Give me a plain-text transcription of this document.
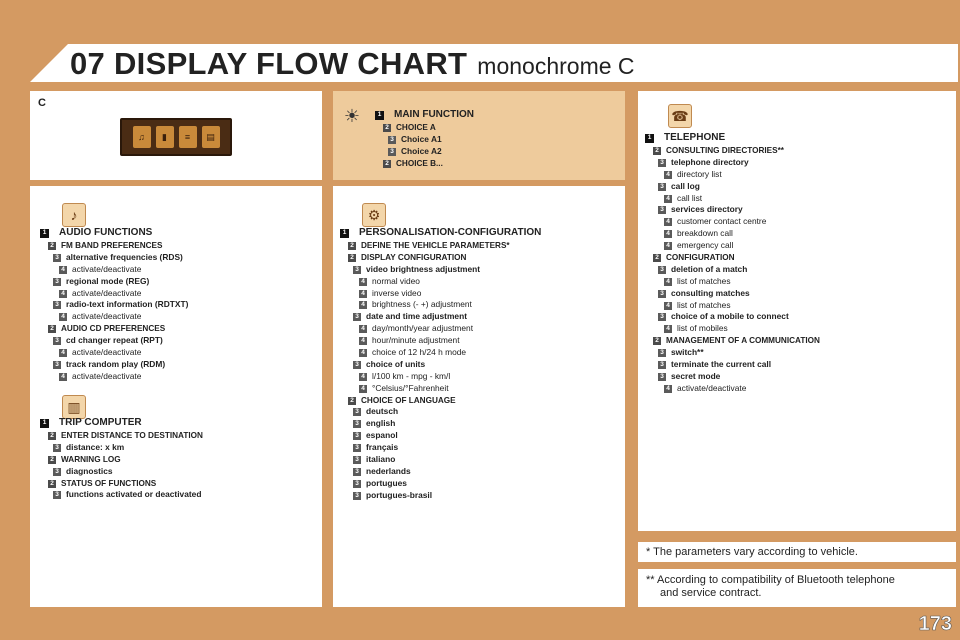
07 DISPLAY FLOW CHART monochrome C
C
♫	▮	≡	▤
☀	1 MAIN FUNCTION
2 CHOICE A
3 Choice A1
3 Choice A2
2 CHOICE B...
♪
1 AUDIO FUNCTIONS
2 FM BAND PREFERENCES
3 alternative frequencies (RDS)
4 activate/deactivate
3 regional mode (REG)
4 activate/deactivate
3 radio-text information (RDTXT)
4 activate/deactivate
2 AUDIO CD PREFERENCES
3 cd changer repeat (RPT)
4 activate/deactivate
3 track random play (RDM)
4 activate/deactivate
▥
1 TRIP COMPUTER
2 ENTER DISTANCE TO DESTINATION
3 distance: x km
2 WARNING LOG
3 diagnostics
2 STATUS OF FUNCTIONS
3 functions activated or deactivated
⚙
1 PERSONALISATION-CONFIGURATION
2 DEFINE THE VEHICLE PARAMETERS*
2 DISPLAY CONFIGURATION
3 video brightness adjustment
4 normal video
4 inverse video
4 brightness (- +) adjustment
3 date and time adjustment
4 day/month/year adjustment
4 hour/minute adjustment
4 choice of 12 h/24 h mode
3 choice of units
4 l/100 km - mpg - km/l
4 °Celsius/°Fahrenheit
2 CHOICE OF LANGUAGE
3 deutsch
3 english
3 espanol
3 français
3 italiano
3 nederlands
3 portugues
3 portugues-brasil
☎
1 TELEPHONE
2 CONSULTING DIRECTORIES**
3 telephone directory
4 directory list
3 call log
4 call list
3 services directory
4 customer contact centre
4 breakdown call
4 emergency call
2 CONFIGURATION
3 deletion of a match
4 list of matches
3 consulting matches
4 list of matches
3 choice of a mobile to connect
4 list of mobiles
2 MANAGEMENT OF A COMMUNICATION
3 switch**
3 terminate the current call
3 secret mode
4 activate/deactivate
* The parameters vary according to vehicle.
** According to compatibility of Bluetooth telephone
and service contract.
173
